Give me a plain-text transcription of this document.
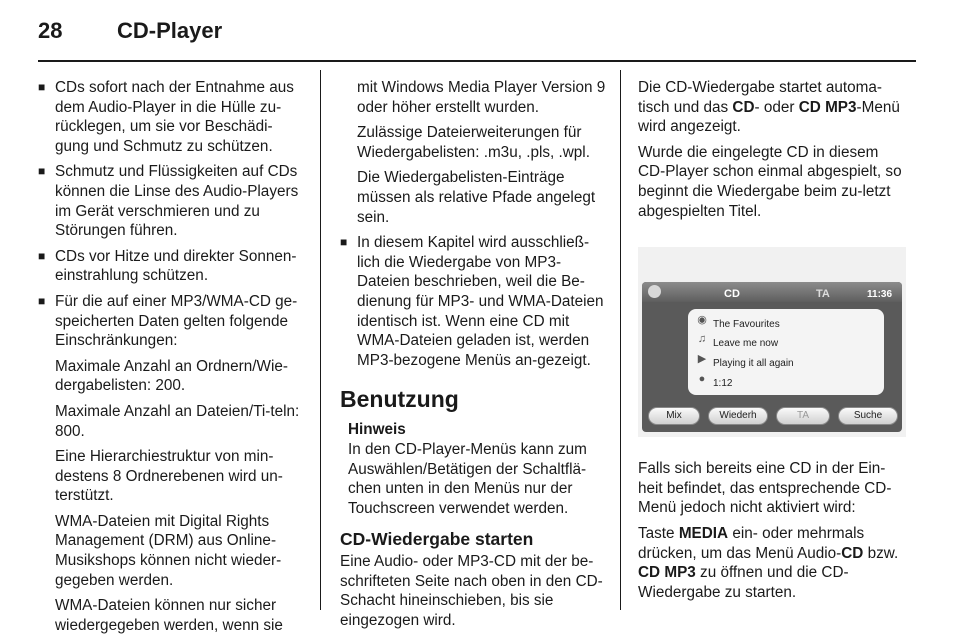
28 CD-Player
■ CDs sofort nach der Entnahme aus dem Audio-Player in die Hülle zu-rücklegen, um sie vor Beschädi-gung und Schmutz zu schützen.
■ Schmutz und Flüssigkeiten auf CDs können die Linse des Audio-Players im Gerät verschmieren und zu Störungen führen.
■ CDs vor Hitze und direkter Sonnen-einstrahlung schützen.
■ Für die auf einer MP3/WMA-CD ge-speicherten Daten gelten folgende Einschränkungen:

Maximale Anzahl an Ordnern/Wie-dergabelisten: 200.

Maximale Anzahl an Dateien/Ti-teln: 800.

Eine Hierarchiestruktur von min-destens 8 Ordnerebenen wird un-terstützt.

WMA-Dateien mit Digital Rights Management (DRM) aus Online-Musikshops können nicht wieder-gegeben werden.

WMA-Dateien können nur sicher wiedergegeben werden, wenn sie

mit Windows Media Player Version 9 oder höher erstellt wurden.

Zulässige Dateierweiterungen für Wiedergabelisten: .m3u, .pls, .wpl.

Die Wiedergabelisten-Einträge müssen als relative Pfade angelegt sein.

■ In diesem Kapitel wird ausschließ-lich die Wiedergabe von MP3-Dateien beschrieben, weil die Be-dienung für MP3- und WMA-Dateien identisch ist. Wenn eine CD mit WMA-Dateien geladen ist, werden MP3-bezogene Menüs an-gezeigt.
Benutzung
Hinweis
In den CD-Player-Menüs kann zum Auswählen/Betätigen der Schaltflä-chen unten in den Menüs nur der Touchscreen verwendet werden.
CD-Wiedergabe starten

Eine Audio- oder MP3-CD mit der be-schrifteten Seite nach oben in den CD-Schacht hineinschieben, bis sie eingezogen wird.

Die CD-Wiedergabe startet automa-tisch und das CD- oder CD MP3-Menü wird angezeigt.

Wurde die eingelegte CD in diesem CD-Player schon einmal abgespielt, so beginnt die Wiedergabe beim zu-letzt abgespielten Titel.

CD	TA	11:36
◉ The Favourites
♫ Leave me now
▶ Playing it all again
● 1:12
Mix	Wiederh	TA	Suche

Falls sich bereits eine CD in der Ein-heit befindet, das entsprechende CD-Menü jedoch nicht aktiviert wird:

Taste MEDIA ein- oder mehrmals drücken, um das Menü Audio-CD bzw. CD MP3 zu öffnen und die CD-Wiedergabe zu starten.
